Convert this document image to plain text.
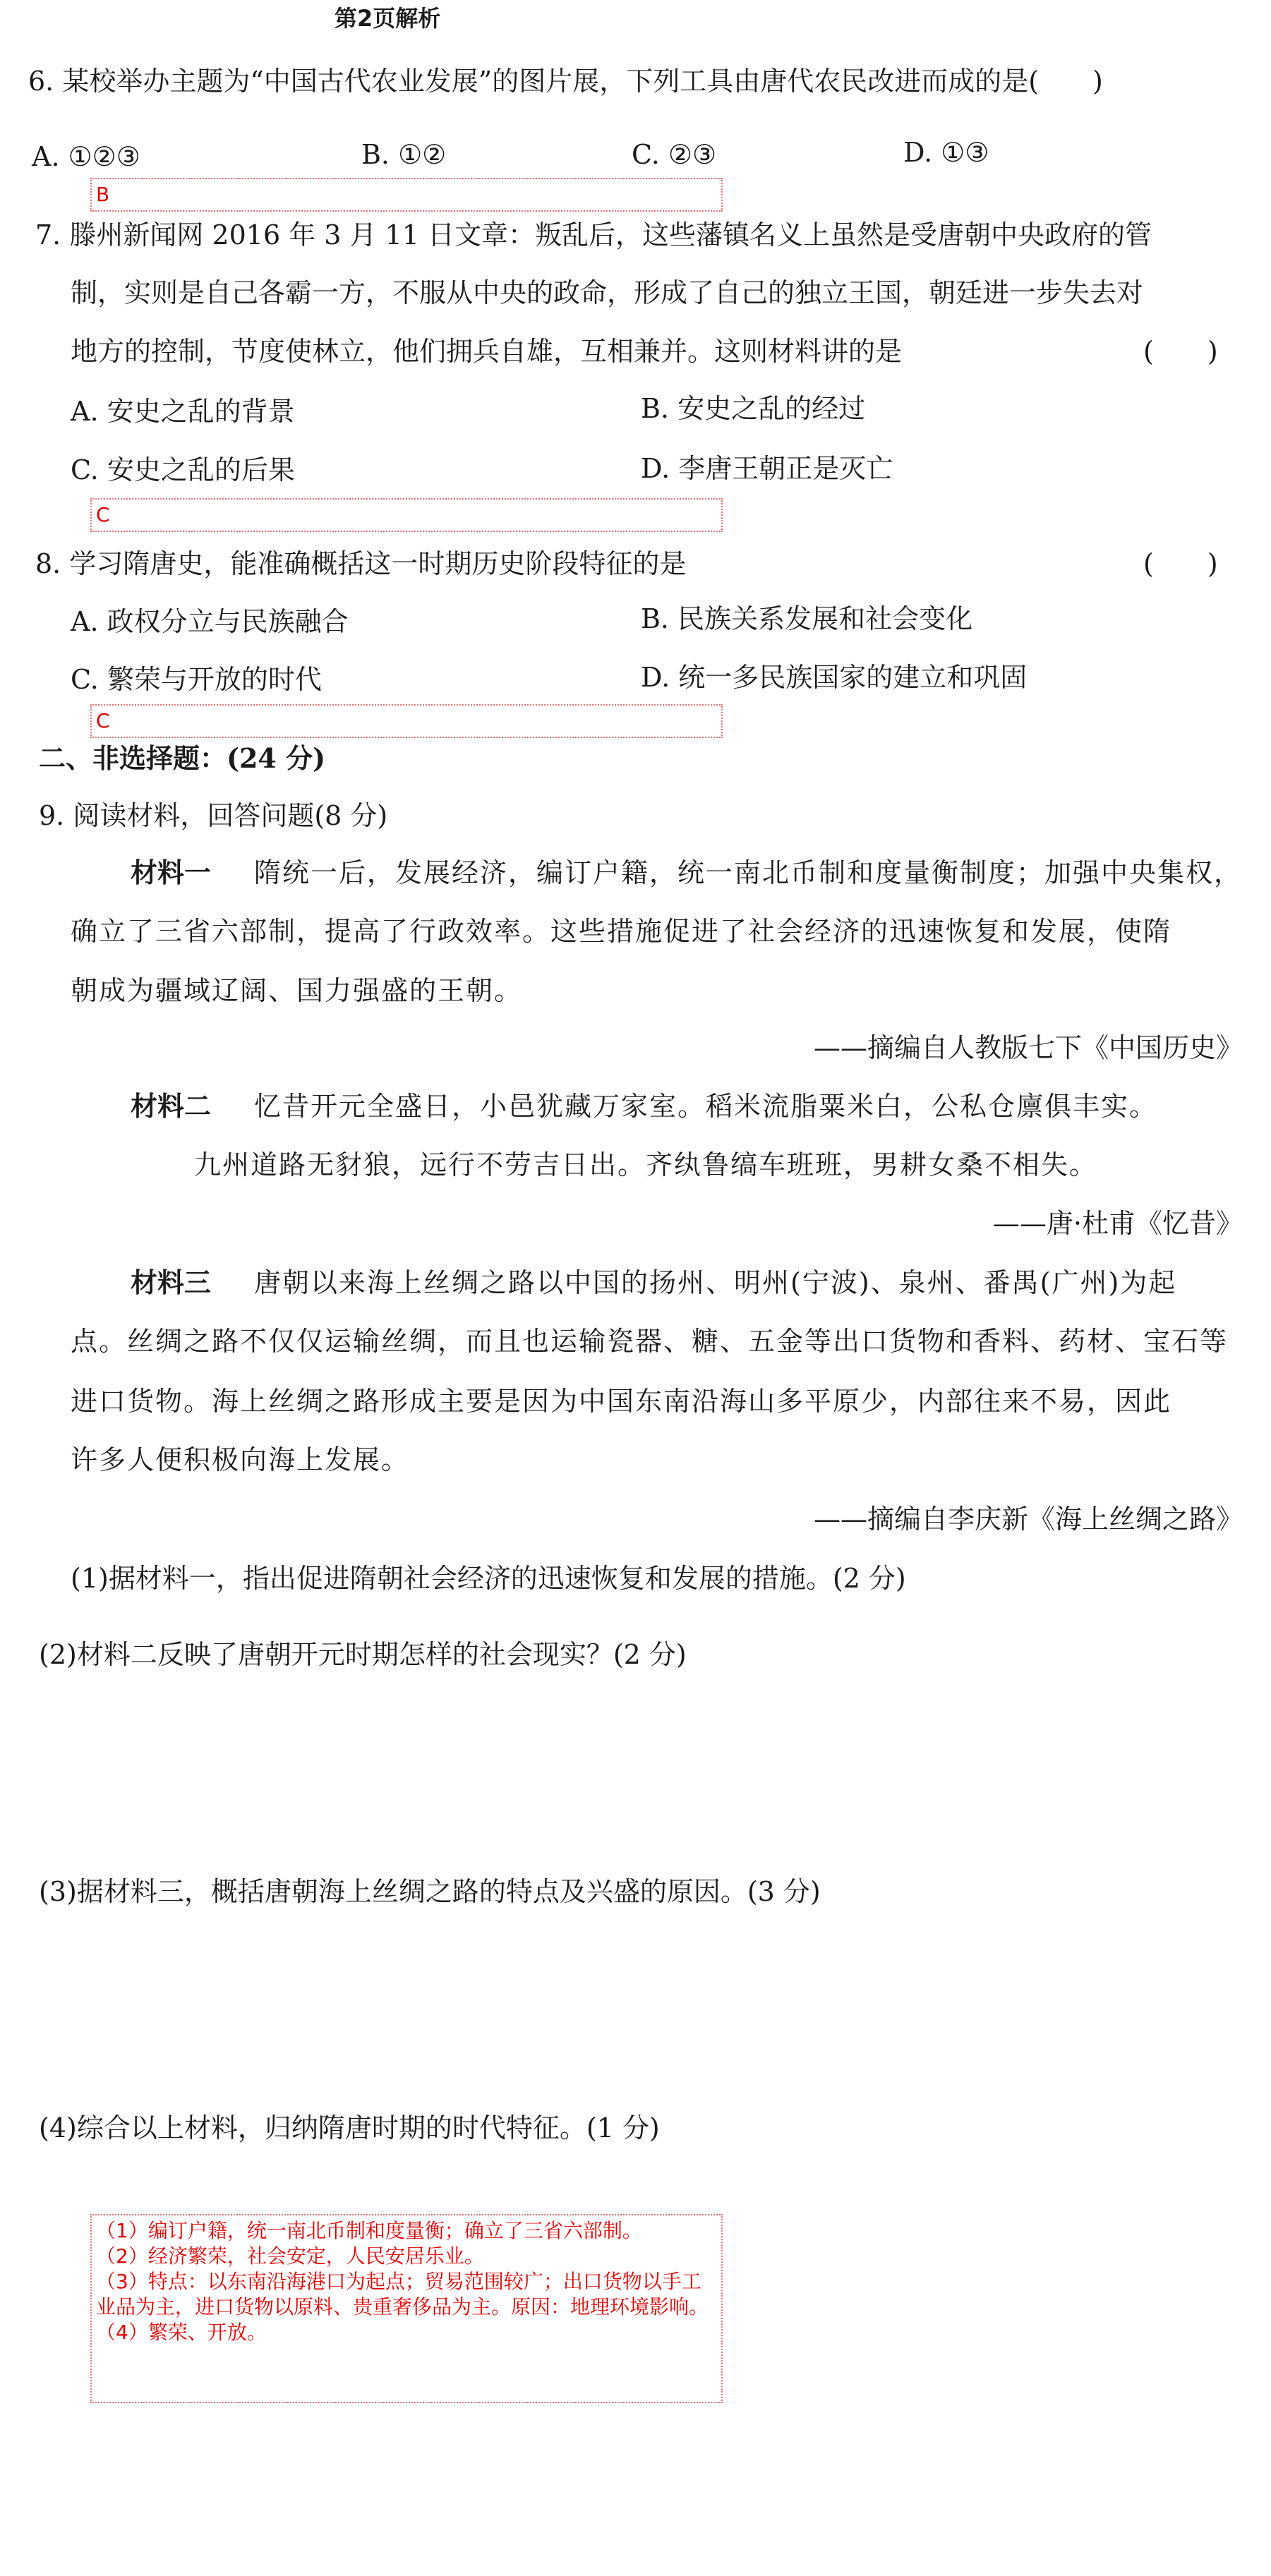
第2页解析
6. 某校举办主题为“中国古代农业发展”的图片展，下列工具由唐代农民改进而成的是(　　)
A. ①②③	B. ①②	C. ②③	D. ①③
B
7. 滕州新闻网 2016 年 3 月 11 日文章：叛乱后，这些藩镇名义上虽然是受唐朝中央政府的管
制，实则是自己各霸一方，不服从中央的政命，形成了自己的独立王国，朝廷进一步失去对
地方的控制，节度使林立，他们拥兵自雄，互相兼并。这则材料讲的是	(　　)
A. 安史之乱的背景	B. 安史之乱的经过
C. 安史之乱的后果	D. 李唐王朝正是灭亡
C
8. 学习隋唐史，能准确概括这一时期历史阶段特征的是	(　　)
A. 政权分立与民族融合	B. 民族关系发展和社会变化
C. 繁荣与开放的时代	D. 统一多民族国家的建立和巩固
C
二、非选择题：(24 分)
9. 阅读材料，回答问题(8 分)
材料一 隋统一后，发展经济，编订户籍，统一南北币制和度量衡制度；加强中央集权，
确立了三省六部制，提高了行政效率。这些措施促进了社会经济的迅速恢复和发展，使隋
朝成为疆域辽阔、国力强盛的王朝。
——摘编自人教版七下《中国历史》
材料二 忆昔开元全盛日，小邑犹藏万家室。稻米流脂粟米白，公私仓廪俱丰实。
九州道路无豺狼，远行不劳吉日出。齐纨鲁缟车班班，男耕女桑不相失。
——唐·杜甫《忆昔》
材料三 唐朝以来海上丝绸之路以中国的扬州、明州(宁波)、泉州、番禺(广州)为起
点。丝绸之路不仅仅运输丝绸，而且也运输瓷器、糖、五金等出口货物和香料、药材、宝石等
进口货物。海上丝绸之路形成主要是因为中国东南沿海山多平原少，内部往来不易，因此
许多人便积极向海上发展。
——摘编自李庆新《海上丝绸之路》
(1)据材料一，指出促进隋朝社会经济的迅速恢复和发展的措施。(2 分)
(2)材料二反映了唐朝开元时期怎样的社会现实？(2 分)
(3)据材料三，概括唐朝海上丝绸之路的特点及兴盛的原因。(3 分)
(4)综合以上材料，归纳隋唐时期的时代特征。(1 分)
（1）编订户籍，统一南北币制和度量衡；确立了三省六部制。
（2）经济繁荣，社会安定，人民安居乐业。
（3）特点：以东南沿海港口为起点；贸易范围较广；出口货物以手工业品为主，进口货物以原料、贵重奢侈品为主。原因：地理环境影响。
（4）繁荣、开放。
